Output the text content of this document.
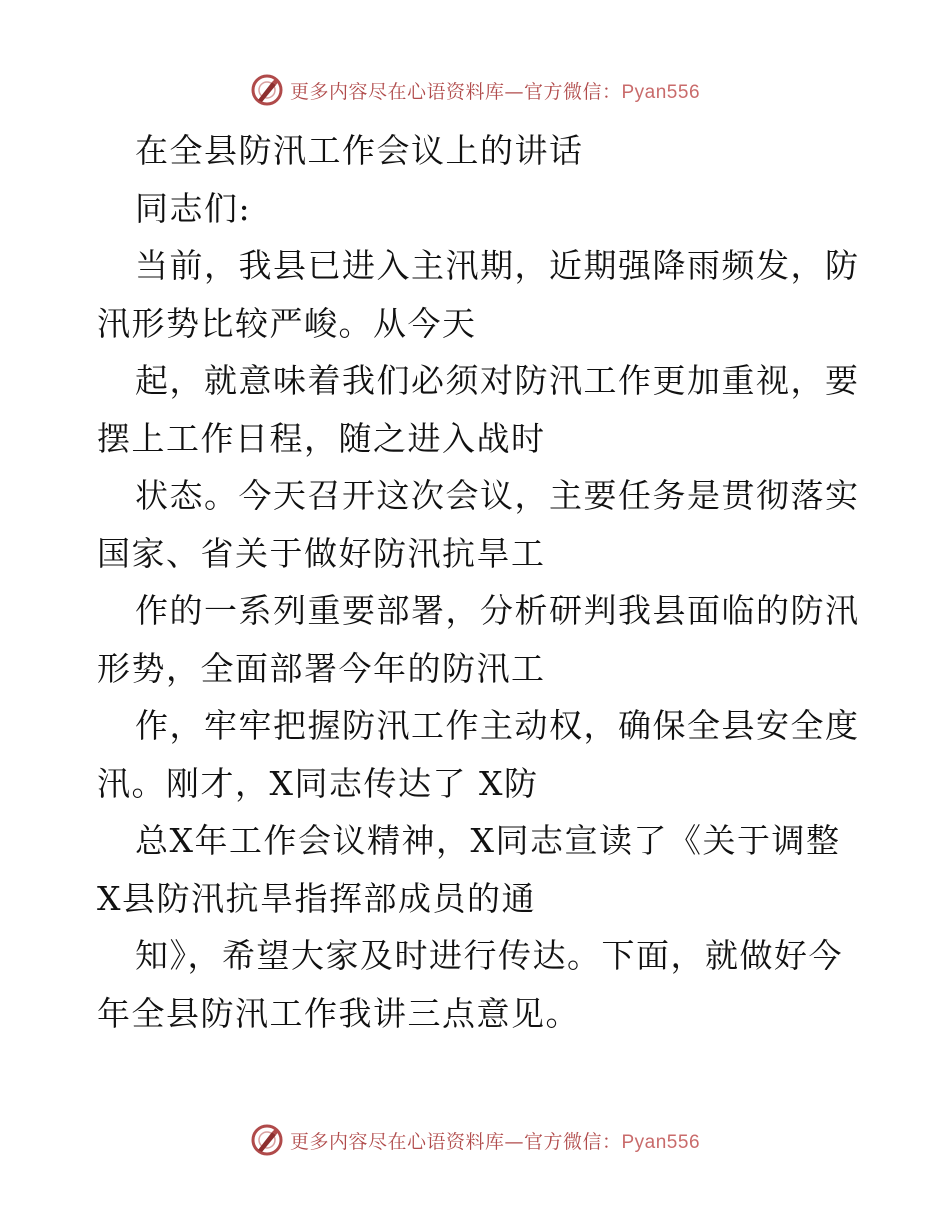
更多内容尽在心语资料库—官方微信：Pyan556
在全县防汛工作会议上的讲话
同志们:
当前，我县已进入主汛期，近期强降雨频发，防
汛形势比较严峻。从今天
起，就意味着我们必须对防汛工作更加重视，要
摆上工作日程，随之进入战时
状态。今天召开这次会议，主要任务是贯彻落实
国家、省关于做好防汛抗旱工
作的一系列重要部署，分析研判我县面临的防汛
形势，全面部署今年的防汛工
作，牢牢把握防汛工作主动权，确保全县安全度
汛。刚才，X同志传达了 X防
总X年工作会议精神，X同志宣读了《关于调整
X县防汛抗旱指挥部成员的通
知》，希望大家及时进行传达。下面，就做好今
年全县防汛工作我讲三点意见。
更多内容尽在心语资料库—官方微信：Pyan556
